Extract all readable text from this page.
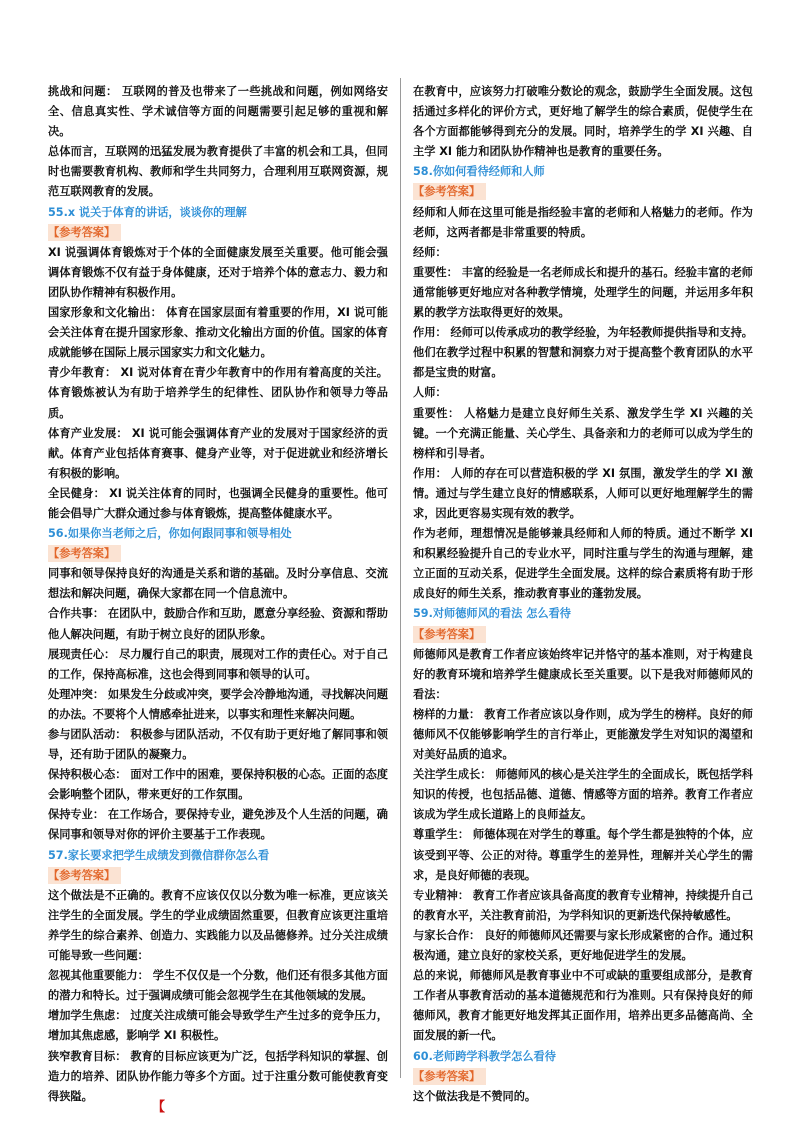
挑战和问题： 互联网的普及也带来了一些挑战和问题，例如网络安全、信息真实性、学术诚信等方面的问题需要引起足够的重视和解决。
总体而言，互联网的迅猛发展为教育提供了丰富的机会和工具，但同时也需要教育机构、教师和学生共同努力，合理利用互联网资源，规范互联网教育的发展。
55.x 说关于体育的讲话，谈谈你的理解
【参考答案】
XI 说强调体育锻炼对于个体的全面健康发展至关重要。他可能会强调体育锻炼不仅有益于身体健康，还对于培养个体的意志力、毅力和团队协作精神有积极作用。
国家形象和文化输出： 体育在国家层面有着重要的作用，XI 说可能会关注体育在提升国家形象、推动文化输出方面的价值。国家的体育成就能够在国际上展示国家实力和文化魅力。
青少年教育： XI 说对体育在青少年教育中的作用有着高度的关注。体育锻炼被认为有助于培养学生的纪律性、团队协作和领导力等品质。
体育产业发展： XI 说可能会强调体育产业的发展对于国家经济的贡献。体育产业包括体育赛事、健身产业等，对于促进就业和经济增长有积极的影响。
全民健身： XI 说关注体育的同时，也强调全民健身的重要性。他可能会倡导广大群众通过参与体育锻炼，提高整体健康水平。
56.如果你当老师之后，你如何跟同事和领导相处
【参考答案】
同事和领导保持良好的沟通是关系和谐的基础。及时分享信息、交流想法和解决问题，确保大家都在同一个信息流中。
合作共事： 在团队中，鼓励合作和互助，愿意分享经验、资源和帮助他人解决问题，有助于树立良好的团队形象。
展现责任心： 尽力履行自己的职责，展现对工作的责任心。对于自己的工作，保持高标准，这也会得到同事和领导的认可。
处理冲突： 如果发生分歧或冲突，要学会冷静地沟通，寻找解决问题的办法。不要将个人情感牵扯进来，以事实和理性来解决问题。
参与团队活动： 积极参与团队活动，不仅有助于更好地了解同事和领导，还有助于团队的凝聚力。
保持积极心态： 面对工作中的困难，要保持积极的心态。正面的态度会影响整个团队，带来更好的工作氛围。
保持专业： 在工作场合，要保持专业，避免涉及个人生活的问题，确保同事和领导对你的评价主要基于工作表现。
57.家长要求把学生成绩发到微信群你怎么看
【参考答案】
这个做法是不正确的。教育不应该仅仅以分数为唯一标准，更应该关注学生的全面发展。学生的学业成绩固然重要，但教育应该更注重培养学生的综合素养、创造力、实践能力以及品德修养。过分关注成绩可能导致一些问题：
忽视其他重要能力： 学生不仅仅是一个分数，他们还有很多其他方面的潜力和特长。过于强调成绩可能会忽视学生在其他领域的发展。
增加学生焦虑： 过度关注成绩可能会导致学生产生过多的竞争压力，增加其焦虑感，影响学 XI 积极性。
狭窄教育目标： 教育的目标应该更为广泛，包括学科知识的掌握、创造力的培养、团队协作能力等多个方面。过于注重分数可能使教育变得狭隘。
在教育中，应该努力打破唯分数论的观念，鼓励学生全面发展。这包括通过多样化的评价方式，更好地了解学生的综合素质，促使学生在各个方面都能够得到充分的发展。同时，培养学生的学 XI 兴趣、自主学 XI 能力和团队协作精神也是教育的重要任务。
58.你如何看待经师和人师
【参考答案】
经师和人师在这里可能是指经验丰富的老师和人格魅力的老师。作为老师，这两者都是非常重要的特质。
经师：
重要性： 丰富的经验是一名老师成长和提升的基石。经验丰富的老师通常能够更好地应对各种教学情境，处理学生的问题，并运用多年积累的教学方法取得更好的效果。
作用： 经师可以传承成功的教学经验，为年轻教师提供指导和支持。他们在教学过程中积累的智慧和洞察力对于提高整个教育团队的水平都是宝贵的财富。
人师：
重要性： 人格魅力是建立良好师生关系、激发学生学 XI 兴趣的关键。一个充满正能量、关心学生、具备亲和力的老师可以成为学生的榜样和引导者。
作用： 人师的存在可以营造积极的学 XI 氛围，激发学生的学 XI 激情。通过与学生建立良好的情感联系，人师可以更好地理解学生的需求，因此更容易实现有效的教学。
作为老师，理想情况是能够兼具经师和人师的特质。通过不断学 XI 和积累经验提升自己的专业水平，同时注重与学生的沟通与理解，建立正面的互动关系，促进学生全面发展。这样的综合素质将有助于形成良好的师生关系，推动教育事业的蓬勃发展。
59.对师德师风的看法 怎么看待
【参考答案】
师德师风是教育工作者应该始终牢记并恪守的基本准则，对于构建良好的教育环境和培养学生健康成长至关重要。以下是我对师德师风的看法：
榜样的力量： 教育工作者应该以身作则，成为学生的榜样。良好的师德师风不仅能够影响学生的言行举止，更能激发学生对知识的渴望和对美好品质的追求。
关注学生成长： 师德师风的核心是关注学生的全面成长，既包括学科知识的传授，也包括品德、道德、情感等方面的培养。教育工作者应该成为学生成长道路上的良师益友。
尊重学生： 师德体现在对学生的尊重。每个学生都是独特的个体，应该受到平等、公正的对待。尊重学生的差异性，理解并关心学生的需求，是良好师德的表现。
专业精神： 教育工作者应该具备高度的教育专业精神，持续提升自己的教育水平，关注教育前沿，为学科知识的更新迭代保持敏感性。
与家长合作： 良好的师德师风还需要与家长形成紧密的合作。通过积极沟通，建立良好的家校关系，更好地促进学生的发展。
总的来说，师德师风是教育事业中不可或缺的重要组成部分，是教育工作者从事教育活动的基本道德规范和行为准则。只有保持良好的师德师风，教育才能更好地发挥其正面作用，培养出更多品德高尚、全面发展的新一代。
60.老师跨学科教学怎么看待
【参考答案】
这个做法我是不赞同的。
【
